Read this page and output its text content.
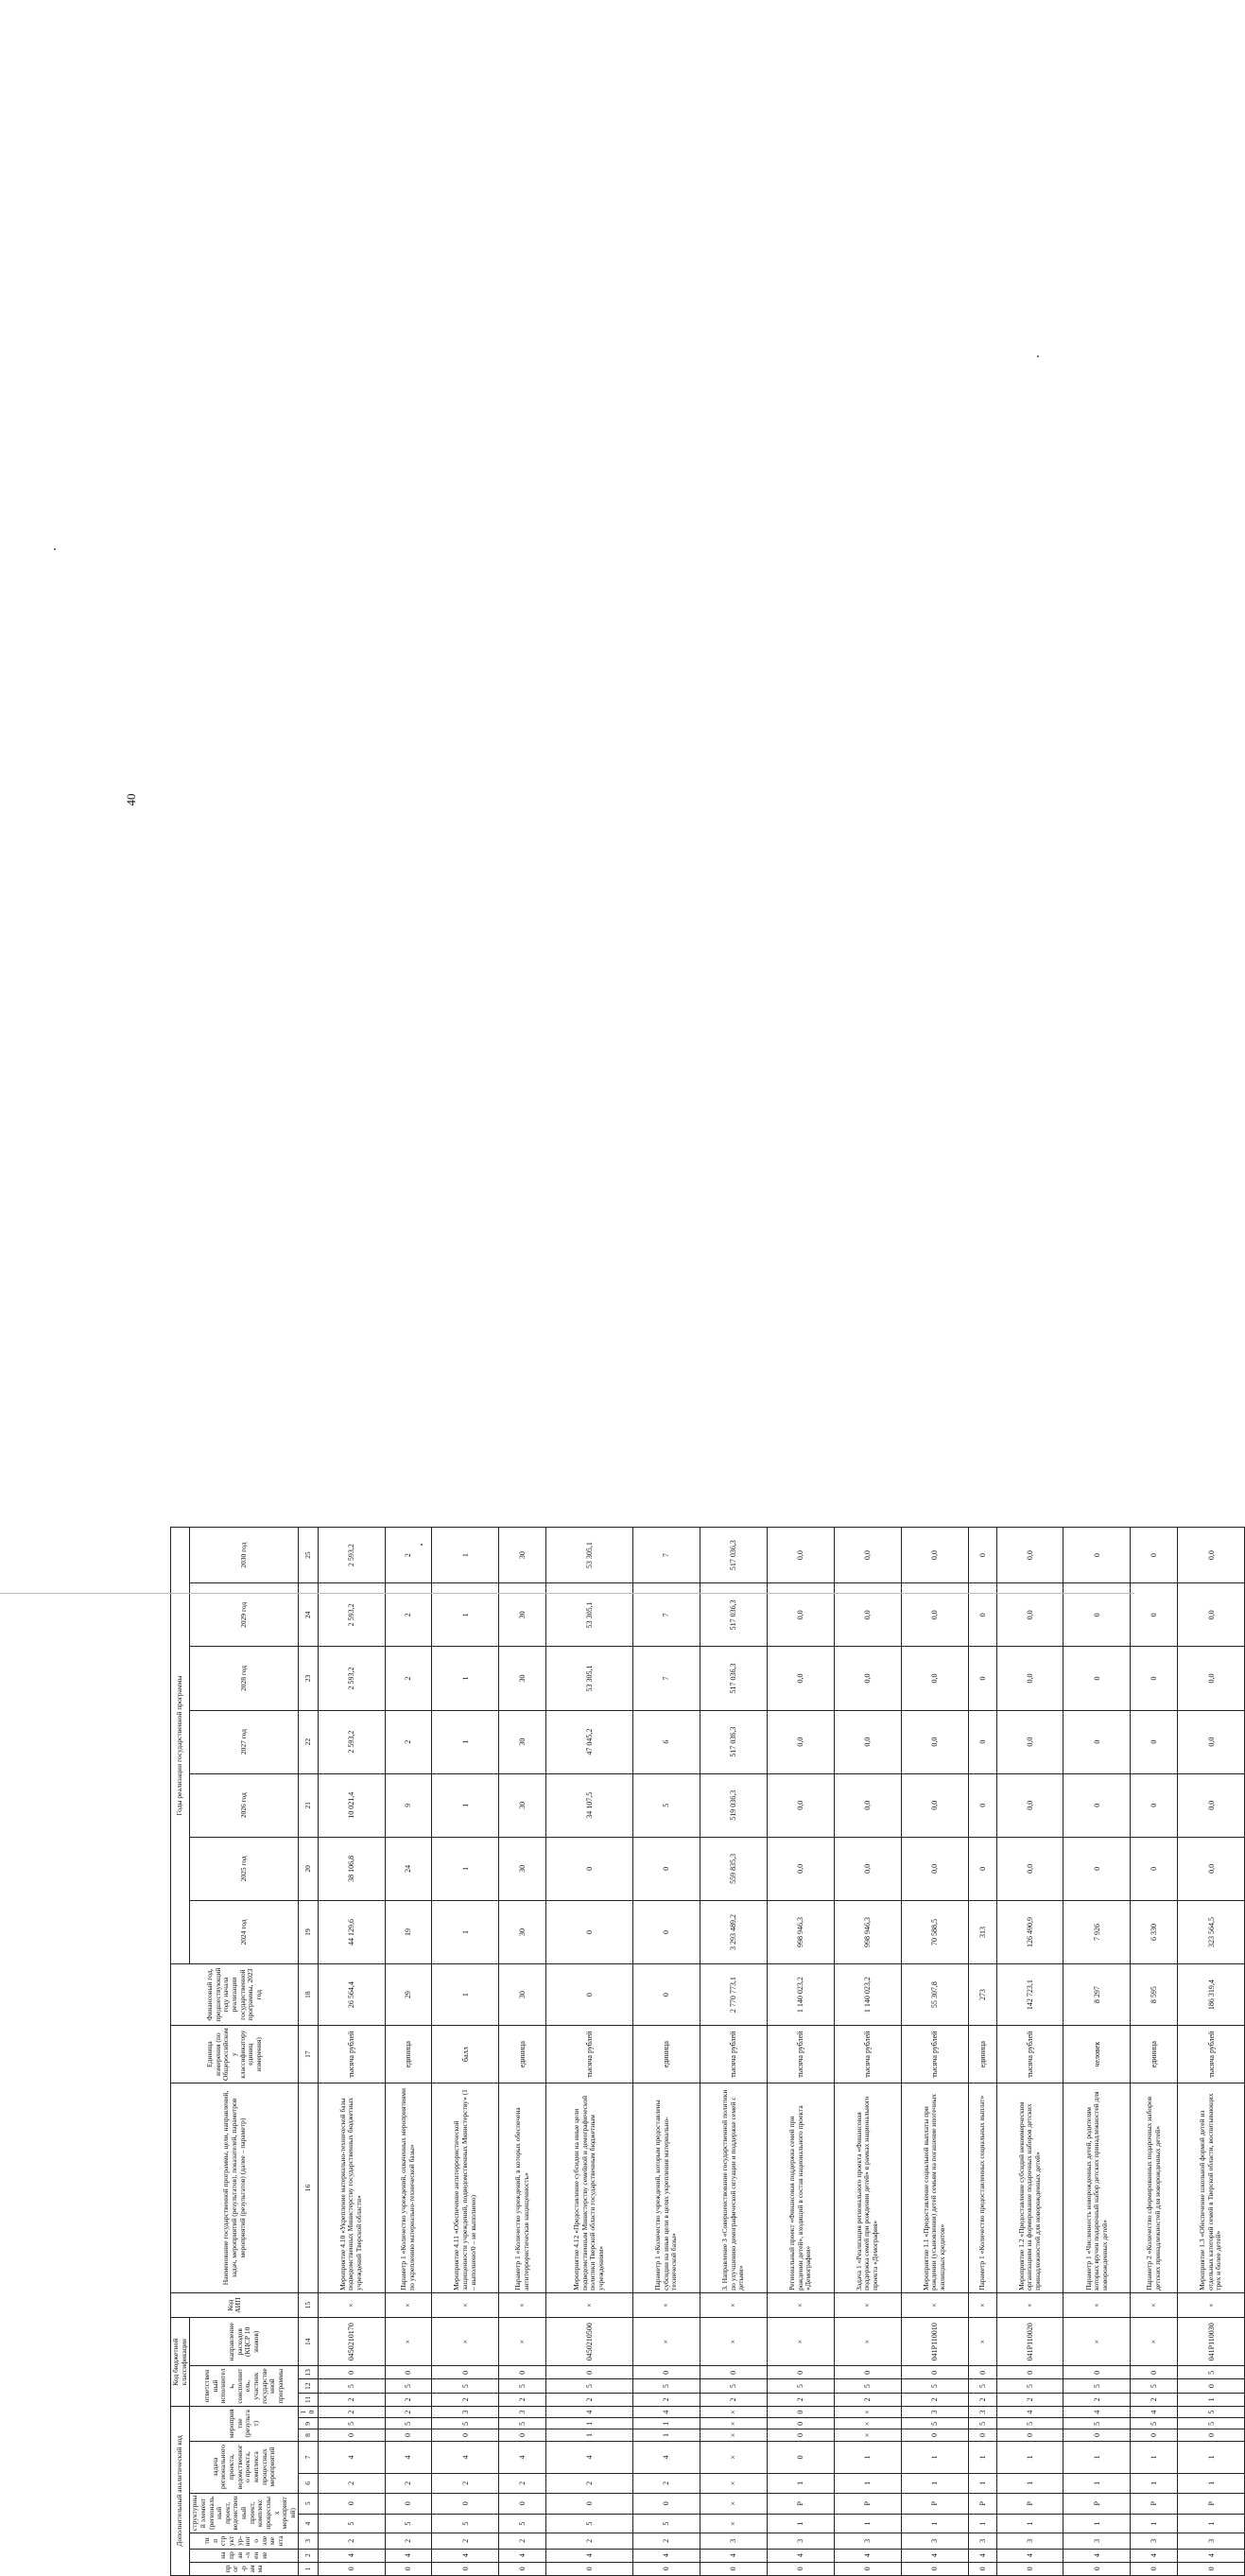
40
Дополнительный аналитический код										Код бюджетной классификации				Код АИП	Наименование государственной программы, цели, направлений, задач, мероприятий (результатов), показателей, параметров мероприятий (результатов) (далее – параметр)	Единица измерения (по Общероссийскому классификатору единиц измерения)	Финансовый год, предшествующий году начала реализации государственной программы, 2023 год	Годы реализации государственной программы						
прог-рамма	направ-ление	тип структур-ного элемента	структурный элемент (региональный проект, ведомственный проект, комплекс процессных мероприятий)		задача регионального проекта, ведомственного проекта, комплекса процессных мероприятий		мероприятие (результат)			ответственный исполнитель, соисполнитель, участник государственной программы			направление расходов (КЦСР 10 знаков)					2024 год	2025 год	2026 год	2027 год	2028 год	2029 год	2030 год

1	2	3	4	5	6	7	8	9	10	11	12	13	14	15	16	17	18	19	20	21	22	23	24	25
0	4	2	5	0	2	4	0	5	2	2	5	0	0450210170	×	Мероприятие 4.10 «Укрепление материально-технической базы подведомственных Министерству государственных бюджетных учреждений Тверской области»	тысяча рублей	26 564,4	44 129,6	38 106,8	10 021,4	2 593,2	2 593,2	2 593,2	2 593,2
0	4	2	5	0	2	4	0	5	2	2	5	0	×	×	Параметр 1 «Количество учреждений, охваченных мероприятиями по укреплению материально-технической базы»	единица	29	19	24	9	2	2	2	2
0	4	2	5	0	2	4	0	5	3	2	5	0	×	×	Мероприятие 4.11 «Обеспечение антитеррористической защищенности учреждений, подведомственных Министерству» (1 – выполнено/0 – не выполнено)	балл	1	1	1	1	1	1	1	1
0	4	2	5	0	2	4	0	5	3	2	5	0	×	×	Параметр 1 «Количество учреждений, в которых обеспечена антитеррористическая защищенность»	единица	30	30	30	30	30	30	30	30
0	4	2	5	0	2	4	1	1	4	2	5	0	0450210500	×	Мероприятие 4.12 «Предоставление субсидии на иные цели подведомственным Министерству семейной и демографической политики Тверской области государственным бюджетным учреждениям»	тысяча рублей	0	0	0	34 107,5	47 045,2	53 305,1	53 305,1	53 305,1
0	4	2	5	0	2	4	1	1	4	2	5	0	×	×	Параметр 1 «Количество учреждений, которым предоставлены субсидии на иные цели в целях укрепления материально-технической базы»	единица	0	0	0	5	6	7	7	7
0	4	3	×	×	×	×	×	×	×	2	5	0	×	×	3. Направление 3 «Совершенствование государственной политики по улучшению демографической ситуации и поддержке семей с детьми»	тысяча рублей	2 770 773,1	3 293 489,2	559 835,3	519 036,3	517 036,3	517 036,3	517 036,3	517 036,3
0	4	3	1	Р	1	0	0	0	0	2	5	0	×	×	Региональный проект «Финансовая поддержка семей при рождении детей», входящий в состав национального проекта «Демография»	тысяча рублей	1 140 023,2	998 946,3	0,0	0,0	0,0	0,0	0,0	0,0
0	4	3	1	Р	1	1	×	×	×	2	5	0	×	×	Задача 1 «Реализация регионального проекта «Финансовая поддержка семей при рождении детей» в рамках национального проекта «Демография»	тысяча рублей	1 140 023,2	998 946,3	0,0	0,0	0,0	0,0	0,0	0,0
0	4	3	1	Р	1	1	0	5	3	2	5	0	041Р110010	×	Мероприятие 1.1 «Предоставление социальной выплаты при рождении (усыновлении) детей семьям на погашение ипотечных жилищных кредитов»	тысяча рублей	55 307,8	70 588,5	0,0	0,0	0,0	0,0	0,0	0,0
0	4	3	1	Р	1	1	0	5	3	2	5	0	×	×	Параметр 1 «Количество предоставленных социальных выплат»	единица	273	313	0	0	0	0	0	0
0	4	3	1	Р	1	1	0	5	4	2	5	0	041Р110020	×	Мероприятие 1.2 «Предоставление субсидий некоммерческим организациям на формирование подарочных наборов детских принадлежностей для новорожденных детей»	тысяча рублей	142 723,1	126 490,9	0,0	0,0	0,0	0,0	0,0	0,0
0	4	3	1	Р	1	1	0	5	4	2	5	0	×	×	Параметр 1 «Численность новорожденных детей, родителям которых вручен подарочный набор детских принадлежностей для новорожденных детей»	человек	8 297	7 926	0	0	0	0	0	0
0	4	3	1	Р	1	1	0	5	4	2	5	0	×	×	Параметр 2 «Количество сформированных подарочных наборов детских принадлежностей для новорожденных детей»	единица	8 595	6 330	0	0	0	0	0	0
0	4	3	1	Р	1	1	0	5	5	1	0	5	041Р110030	×	Мероприятие 1.3 «Обеспечение школьной формой детей из отдельных категорий семей в Тверской области, воспитывающих трех и более детей»	тысяча рублей	186 319,4	323 564,5	0,0	0,0	0,0	0,0	0,0	0,0
